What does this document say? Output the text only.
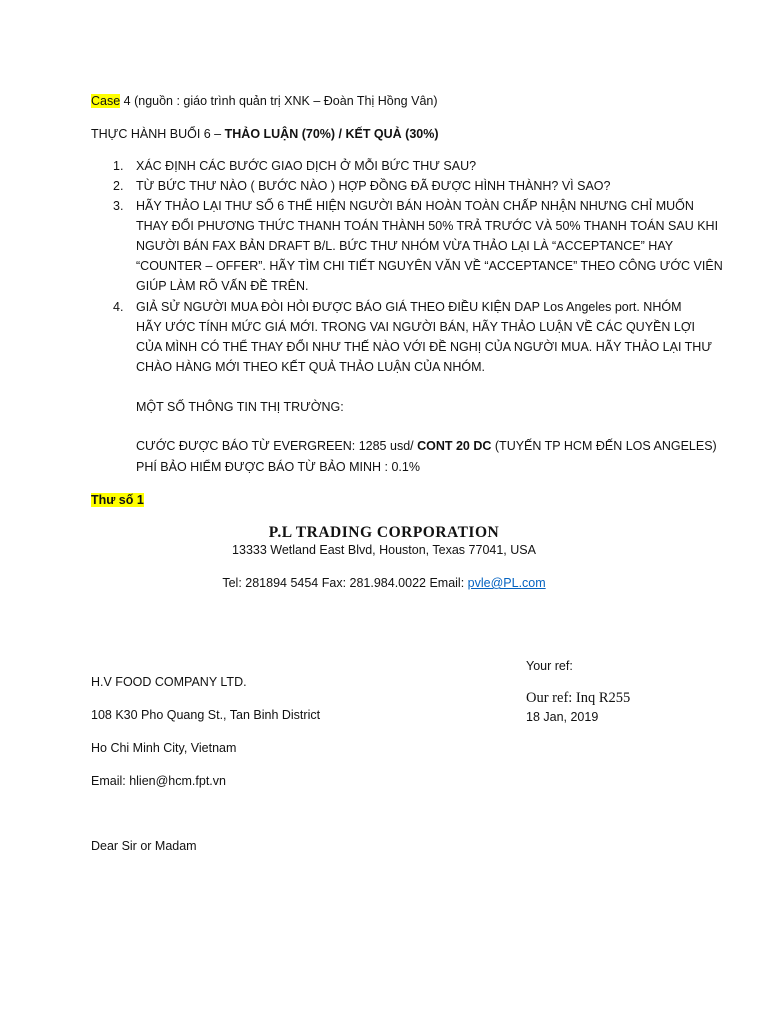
Case 4 (nguồn : giáo trình quản trị XNK – Đoàn Thị Hồng Vân)
THỰC HÀNH BUỔI 6 – THẢO LUẬN (70%) / KẾT QUẢ (30%)
1. XÁC ĐỊNH CÁC BƯỚC GIAO DỊCH Ở MỖI BỨC THƯ SAU?
2. TỪ BỨC THƯ NÀO ( BƯỚC NÀO ) HỢP ĐỒNG ĐÃ ĐƯỢC HÌNH THÀNH? VÌ SAO?
3. HÃY THẢO LẠI THƯ SỐ 6 THỂ HIỆN NGƯỜI BÁN HOÀN TOÀN CHẤP NHẬN NHƯNG CHỈ MUỐN
THAY ĐỔI PHƯƠNG THỨC THANH TOÁN THÀNH 50% TRẢ TRƯỚC VÀ 50% THANH TOÁN SAU KHI
NGƯỜI BÁN FAX BẢN DRAFT B/L. BỨC THƯ NHÓM VỪA THẢO LẠI LÀ “ACCEPTANCE” HAY
“COUNTER – OFFER”. HÃY TÌM CHI TIẾT NGUYÊN VĂN VỀ “ACCEPTANCE” THEO CÔNG ƯỚC VIÊN
GIÚP LÀM RÕ VẤN ĐỀ TRÊN.
4. GIẢ SỬ NGƯỜI MUA ĐÒI HỎI ĐƯỢC BÁO GIÁ THEO ĐIỀU KIỆN DAP Los Angeles port. NHÓM
HÃY ƯỚC TÍNH MỨC GIÁ MỚI. TRONG VAI NGƯỜI BÁN, HÃY THẢO LUẬN VỀ CÁC QUYỀN LỢI
CỦA MÌNH CÓ THỂ THAY ĐỔI NHƯ THẾ NÀO VỚI ĐỀ NGHỊ CỦA NGƯỜI MUA. HÃY THẢO LẠI THƯ
CHÀO HÀNG MỚI THEO KẾT QUẢ THẢO LUẬN CỦA NHÓM.
MỘT SỐ THÔNG TIN THỊ TRƯỜNG:
CƯỚC ĐƯỢC BÁO TỪ EVERGREEN: 1285 usd/ CONT 20 DC (TUYẾN TP HCM ĐẾN LOS ANGELES)
PHÍ BẢO HIỂM ĐƯỢC BÁO TỪ BẢO MINH : 0.1%
Thư số 1
P.L TRADING CORPORATION
13333 Wetland East Blvd, Houston, Texas 77041, USA
Tel: 281894 5454 Fax: 281.984.0022 Email: pvle@PL.com
Your ref:
Our ref: Inq R255
18 Jan, 2019
H.V FOOD COMPANY LTD.
108 K30 Pho Quang St., Tan Binh District
Ho Chi Minh City, Vietnam
Email: hlien@hcm.fpt.vn
Dear Sir or Madam
